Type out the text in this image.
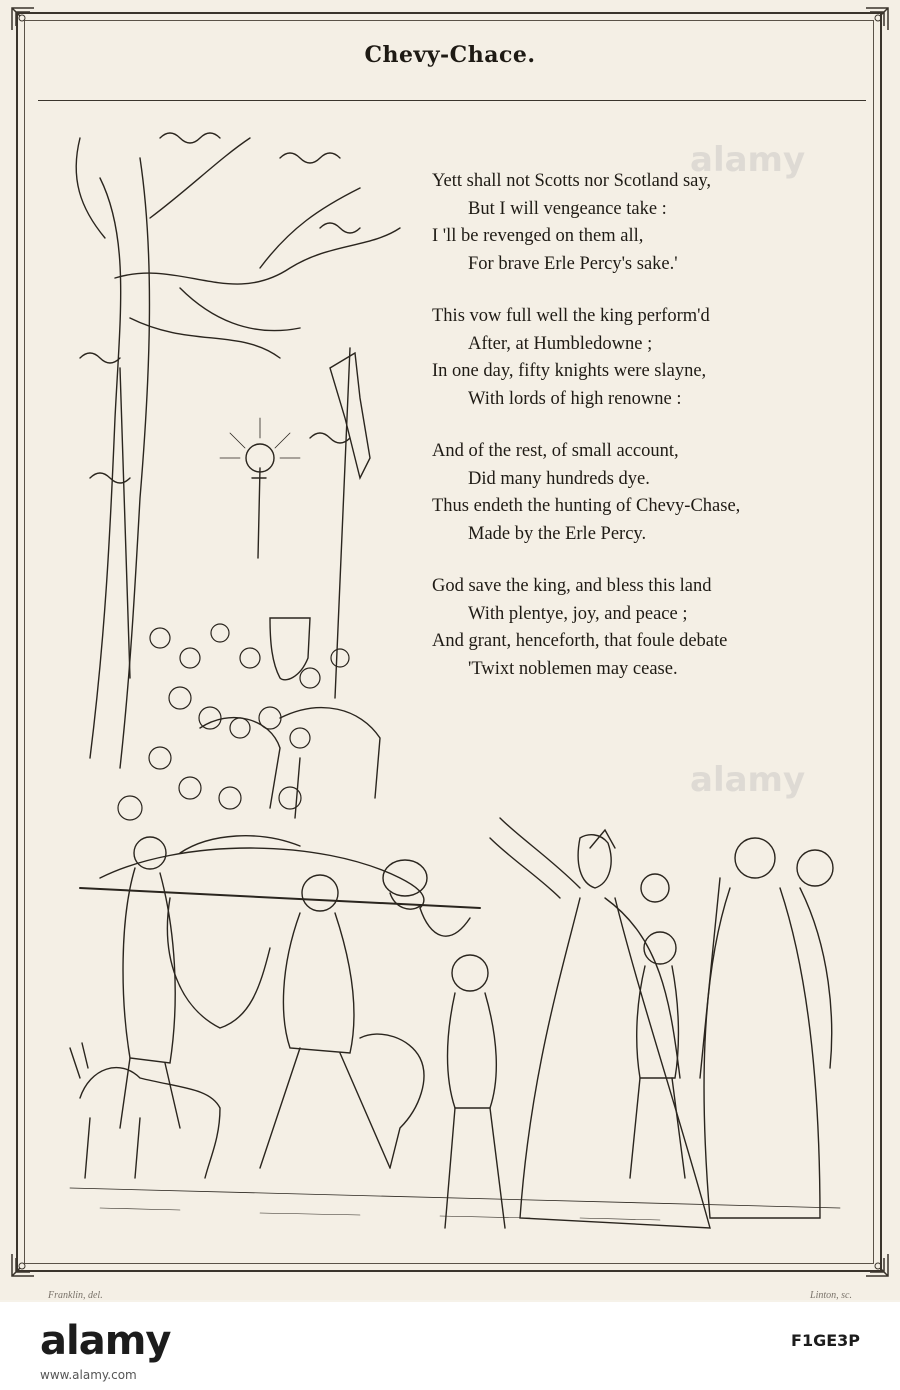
Chevy-Chace.
Yett shall not Scotts nor Scotland say,
But I will vengeance take :
I 'll be revenged on them all,
For brave Erle Percy's sake.'
This vow full well the king perform'd
After, at Humbledowne ;
In one day, fifty knights were slayne,
With lords of high renowne :
And of the rest, of small account,
Did many hundreds dye.
Thus endeth the hunting of Chevy-Chase,
Made by the Erle Percy.
God save the king, and bless this land
With plentye, joy, and peace ;
And grant, henceforth, that foule debate
'Twixt noblemen may cease.
alamy
alamy
Franklin, del.	Linton, sc.
alamy	F1GE3P
www.alamy.com
